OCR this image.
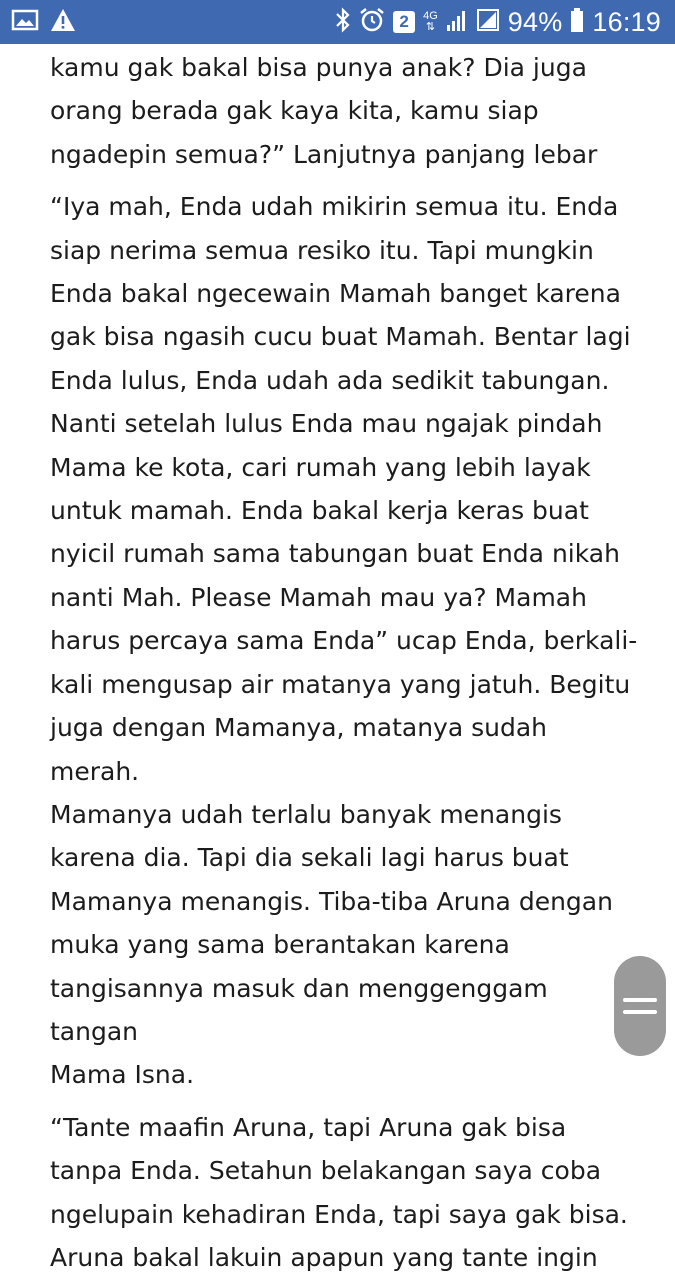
2	4G
⇅	94% 16:19

kamu gak bakal bisa punya anak? Dia juga
orang berada gak kaya kita, kamu siap
ngadepin semua?” Lanjutnya panjang lebar

“Iya mah, Enda udah mikirin semua itu. Enda
siap nerima semua resiko itu. Tapi mungkin
Enda bakal ngecewain Mamah banget karena
gak bisa ngasih cucu buat Mamah. Bentar lagi
Enda lulus, Enda udah ada sedikit tabungan.
Nanti setelah lulus Enda mau ngajak pindah
Mama ke kota, cari rumah yang lebih layak
untuk mamah. Enda bakal kerja keras buat
nyicil rumah sama tabungan buat Enda nikah
nanti Mah. Please Mamah mau ya? Mamah
harus percaya sama Enda” ucap Enda, berkali-
kali mengusap air matanya yang jatuh. Begitu
juga dengan Mamanya, matanya sudah merah.
Mamanya udah terlalu banyak menangis
karena dia. Tapi dia sekali lagi harus buat
Mamanya menangis. Tiba-tiba Aruna dengan
muka yang sama berantakan karena
tangisannya masuk dan menggenggam tangan
Mama Isna.

“Tante maafin Aruna, tapi Aruna gak bisa
tanpa Enda. Setahun belakangan saya coba
ngelupain kehadiran Enda, tapi saya gak bisa.
Aruna bakal lakuin apapun yang tante ingin
